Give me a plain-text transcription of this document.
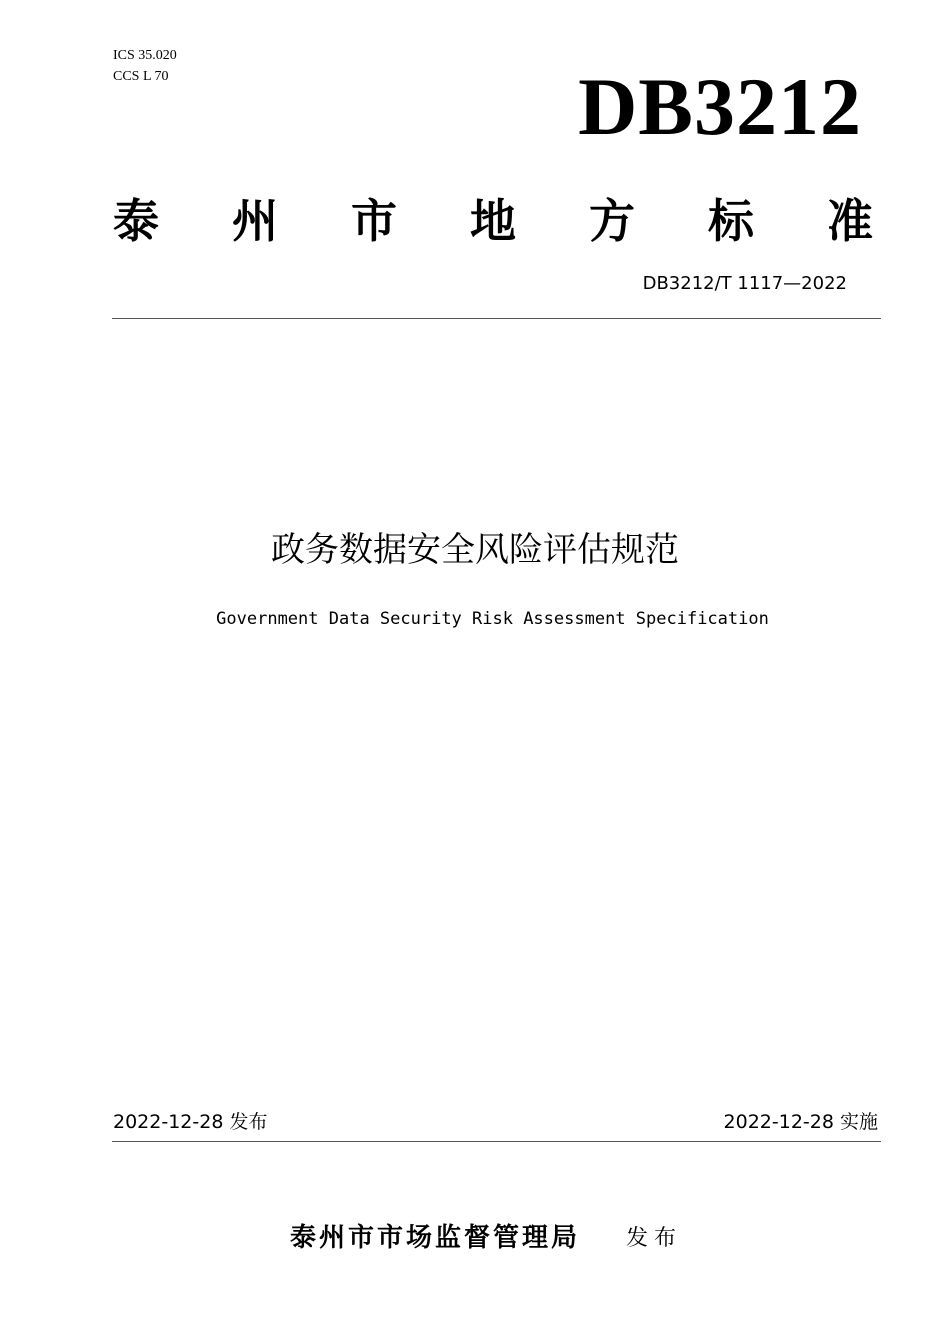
ICS 35.020
CCS L 70	DB3212
泰 州 市 地 方 标 准
DB3212/T 1117—2022
政务数据安全风险评估规范
Government Data Security Risk Assessment Specification
2022-12-28 发布	2022-12-28 实施
泰州市市场监督管理局 发布
